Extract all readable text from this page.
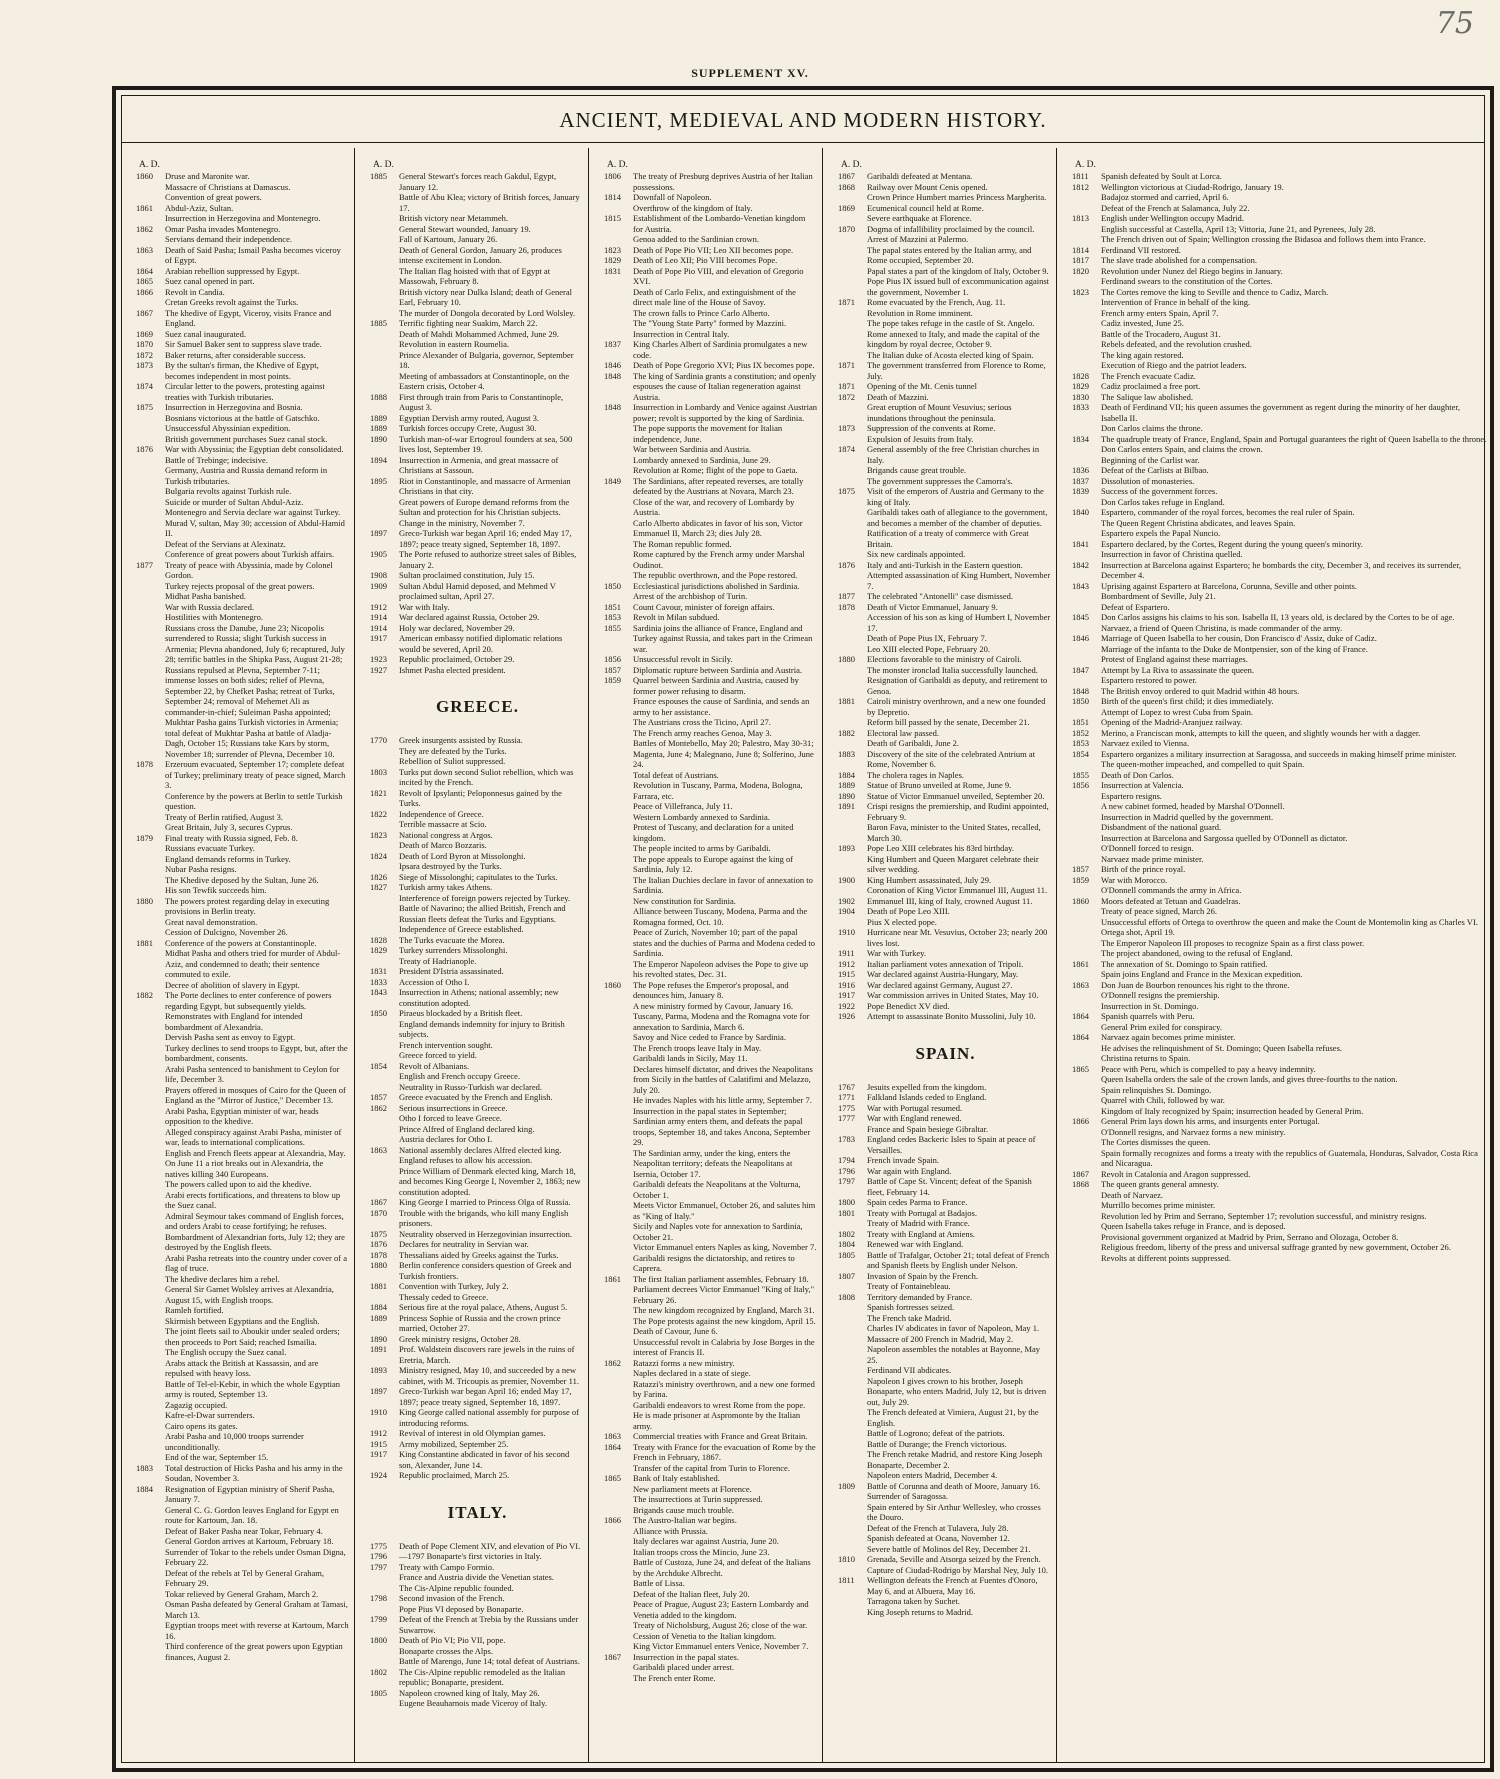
75
SUPPLEMENT XV.
ANCIENT, MEDIEVAL AND MODERN HISTORY.
A. D.
1860	Druse and Maronite war.
Massacre of Christians at Damascus.
Convention of great powers.
1861	Abdul-Aziz, Sultan.
Insurrection in Herzegovina and Montenegro.
1862	Omar Pasha invades Montenegro.
Servians demand their independence.
1863	Death of Said Pasha; Ismail Pasha becomes viceroy of Egypt.
1864	Arabian rebellion suppressed by Egypt.
1865	Suez canal opened in part.
1866	Revolt in Candia.
Cretan Greeks revolt against the Turks.
1867	The khedive of Egypt, Viceroy, visits France and England.
1869	Suez canal inaugurated.
1870	Sir Samuel Baker sent to suppress slave trade.
1872	Baker returns, after considerable success.
1873	By the sultan's firman, the Khedive of Egypt, becomes independent in most points.
1874	Circular letter to the powers, protesting against treaties with Turkish tributaries.
1875	Insurrection in Herzegovina and Bosnia.
Bosnians victorious at the battle of Gatschko.
Unsuccessful Abyssinian expedition.
British government purchases Suez canal stock.
1876	War with Abyssinia; the Egyptian debt consolidated.
Battle of Trebinge; indecisive.
Germany, Austria and Russia demand reform in Turkish tributaries.
Bulgaria revolts against Turkish rule.
Suicide or murder of Sultan Abdul-Aziz.
Montenegro and Servia declare war against Turkey.
Murad V, sultan, May 30; accession of Abdul-Hamid II.
Defeat of the Servians at Alexinatz.
Conference of great powers about Turkish affairs.
1877	Treaty of peace with Abyssinia, made by Colonel Gordon.
Turkey rejects proposal of the great powers.
Midhat Pasha banished.
War with Russia declared.
Hostilities with Montenegro.
Russians cross the Danube, June 23; Nicopolis surrendered to Russia; slight Turkish success in Armenia; Plevna abandoned, July 6; recaptured, July 28; terrific battles in the Shipka Pass, August 21-28; Russians repulsed at Plevna, September 7-11; immense losses on both sides; relief of Plevna, September 22, by Chefket Pasha; retreat of Turks, September 24; removal of Mehemet Ali as commander-in-chief; Suleiman Pasha appointed; Mukhtar Pasha gains Turkish victories in Armenia; total defeat of Mukhtar Pasha at battle of Aladja-Dagh, October 15; Russians take Kars by storm, November 18; surrender of Plevna, December 10.
1878	Erzeroum evacuated, September 17; complete defeat of Turkey; preliminary treaty of peace signed, March 3.
Conference by the powers at Berlin to settle Turkish question.
Treaty of Berlin ratified, August 3.
Great Britain, July 3, secures Cyprus.
1879	Final treaty with Russia signed, Feb. 8.
Russians evacuate Turkey.
England demands reforms in Turkey.
Nubar Pasha resigns.
The Khedive deposed by the Sultan, June 26.
His son Tewfik succeeds him.
1880	The powers protest regarding delay in executing provisions in Berlin treaty.
Great naval demonstration.
Cession of Dulcigno, November 26.
1881	Conference of the powers at Constantinople.
Midhat Pasha and others tried for murder of Abdul-Aziz, and condemned to death; their sentence commuted to exile.
Decree of abolition of slavery in Egypt.
1882	The Porte declines to enter conference of powers regarding Egypt, but subsequently yields.
Remonstrates with England for intended bombardment of Alexandria.
Dervish Pasha sent as envoy to Egypt.
Turkey declines to send troops to Egypt, but, after the bombardment, consents.
Arabi Pasha sentenced to banishment to Ceylon for life, December 3.
Prayers offered in mosques of Cairo for the Queen of England as the "Mirror of Justice," December 13.
Arabi Pasha, Egyptian minister of war, heads opposition to the khedive.
Alleged conspiracy against Arabi Pasha, minister of war, leads to international complications.
English and French fleets appear at Alexandria, May.
On June 11 a riot breaks out in Alexandria, the natives killing 340 Europeans.
The powers called upon to aid the khedive.
Arabi erects fortifications, and threatens to blow up the Suez canal.
Admiral Seymour takes command of English forces, and orders Arabi to cease fortifying; he refuses.
Bombardment of Alexandrian forts, July 12; they are destroyed by the English fleets.
Arabi Pasha retreats into the country under cover of a flag of truce.
The khedive declares him a rebel.
General Sir Garnet Wolsley arrives at Alexandria, August 15, with English troops.
Ramleh fortified.
Skirmish between Egyptians and the English.
The joint fleets sail to Aboukir under sealed orders; then proceeds to Port Said; reached Ismailia.
The English occupy the Suez canal.
Arabs attack the British at Kassassin, and are repulsed with heavy loss.
Battle of Tel-el-Kebir, in which the whole Egyptian army is routed, September 13.
Zagazig occupied.
Kafre-el-Dwar surrenders.
Cairo opens its gates.
Arabi Pasha and 10,000 troops surrender unconditionally.
End of the war, September 15.
1883	Total destruction of Hicks Pasha and his army in the Soudan, November 3.
1884	Resignation of Egyptian ministry of Sherif Pasha, January 7.
General C. G. Gordon leaves England for Egypt en route for Kartoum, Jan. 18.
Defeat of Baker Pasha near Tokar, February 4.
General Gordon arrives at Kartoum, February 18.
Surrender of Tokar to the rebels under Osman Digna, February 22.
Defeat of the rebels at Tel by General Graham, February 29.
Tokar relieved by General Graham, March 2.
Osman Pasha defeated by General Graham at Tamasi, March 13.
Egyptian troops meet with reverse at Kartoum, March 16.
Third conference of the great powers upon Egyptian finances, August 2.
A. D.
1885	General Stewart's forces reach Gakdul, Egypt, January 12.
Battle of Abu Klea; victory of British forces, January 17.
British victory near Metammeh.
General Stewart wounded, January 19.
Fall of Kartoum, January 26.
Death of General Gordon, January 26, produces intense excitement in London.
The Italian flag hoisted with that of Egypt at Massowah, February 8.
British victory near Dulka Island; death of General Earl, February 10.
The murder of Dongola decorated by Lord Wolsley.
1885	Terrific fighting near Suakim, March 22.
Death of Mahdi Mohammed Achmed, June 29.
Revolution in eastern Roumelia.
Prince Alexander of Bulgaria, governor, September 18.
Meeting of ambassadors at Constantinople, on the Eastern crisis, October 4.
1888	First through train from Paris to Constantinople, August 3.
1889	Egyptian Dervish army routed, August 3.
1889	Turkish forces occupy Crete, August 30.
1890	Turkish man-of-war Ertogroul founders at sea, 500 lives lost, September 19.
1894	Insurrection in Armenia, and great massacre of Christians at Sassoun.
1895	Riot in Constantinople, and massacre of Armenian Christians in that city.
Great powers of Europe demand reforms from the Sultan and protection for his Christian subjects.
Change in the ministry, November 7.
1897	Greco-Turkish war began April 16; ended May 17, 1897; peace treaty signed, September 18, 1897.
1905	The Porte refused to authorize street sales of Bibles, January 2.
1908	Sultan proclaimed constitution, July 15.
1909	Sultan Abdul Hamid deposed, and Mehmed V proclaimed sultan, April 27.
1912	War with Italy.
1914	War declared against Russia, October 29.
1914	Holy war declared, November 29.
1917	American embassy notified diplomatic relations would be severed, April 20.
1923	Republic proclaimed, October 29.
1927	Ishmet Pasha elected president.
GREECE.
1770	Greek insurgents assisted by Russia.
They are defeated by the Turks.
Rebellion of Suliot suppressed.
1803	Turks put down second Suliot rebellion, which was incited by the French.
1821	Revolt of Ipsylanti; Peloponnesus gained by the Turks.
1822	Independence of Greece.
Terrible massacre at Scio.
1823	National congress at Argos.
Death of Marco Bozzaris.
1824	Death of Lord Byron at Missolonghi.
Ipsara destroyed by the Turks.
1826	Siege of Missolonghi; capitulates to the Turks.
1827	Turkish army takes Athens.
Interference of foreign powers rejected by Turkey.
Battle of Navarino; the allied British, French and Russian fleets defeat the Turks and Egyptians.
Independence of Greece established.
1828	The Turks evacuate the Morea.
1829	Turkey surrenders Missolonghi.
Treaty of Hadrianople.
1831	President D'Istria assassinated.
1833	Accession of Otho I.
1843	Insurrection in Athens; national assembly; new constitution adopted.
1850	Piraeus blockaded by a British fleet.
England demands indemnity for injury to British subjects.
French intervention sought.
Greece forced to yield.
1854	Revolt of Albanians.
English and French occupy Greece.
Neutrality in Russo-Turkish war declared.
1857	Greece evacuated by the French and English.
1862	Serious insurrections in Greece.
Otho I forced to leave Greece.
Prince Alfred of England declared king.
Austria declares for Otho I.
1863	National assembly declares Alfred elected king.
England refuses to allow his accession.
Prince William of Denmark elected king, March 18, and becomes King George I, November 2, 1863; new constitution adopted.
1867	King George I married to Princess Olga of Russia.
1870	Trouble with the brigands, who kill many English prisoners.
1875	Neutrality observed in Herzegovinian insurrection.
1876	Declares for neutrality in Servian war.
1878	Thessalians aided by Greeks against the Turks.
1880	Berlin conference considers question of Greek and Turkish frontiers.
1881	Convention with Turkey, July 2.
Thessaly ceded to Greece.
1884	Serious fire at the royal palace, Athens, August 5.
1889	Princess Sophie of Russia and the crown prince married, October 27.
1890	Greek ministry resigns, October 28.
1891	Prof. Waldstein discovers rare jewels in the ruins of Eretria, March.
1893	Ministry resigned, May 10, and succeeded by a new cabinet, with M. Tricoupis as premier, November 11.
1897	Greco-Turkish war began April 16; ended May 17, 1897; peace treaty signed, September 18, 1897.
1910	King George called national assembly for purpose of introducing reforms.
1912	Revival of interest in old Olympian games.
1915	Army mobilized, September 25.
1917	King Constantine abdicated in favor of his second son, Alexander, June 14.
1924	Republic proclaimed, March 25.
ITALY.
1775	Death of Pope Clement XIV, and elevation of Pio VI.
1796	—1797 Bonaparte's first victories in Italy.
1797	Treaty with Campo Formio.
France and Austria divide the Venetian states.
The Cis-Alpine republic founded.
1798	Second invasion of the French.
Pope Pius VI deposed by Bonaparte.
1799	Defeat of the French at Trebia by the Russians under Suwarrow.
1800	Death of Pio VI; Pio VII, pope.
Bonaparte crosses the Alps.
Battle of Marengo, June 14; total defeat of Austrians.
1802	The Cis-Alpine republic remodeled as the Italian republic; Bonaparte, president.
1805	Napoleon crowned king of Italy, May 26.
Eugene Beauharnois made Viceroy of Italy.
A. D.
1806	The treaty of Presburg deprives Austria of her Italian possessions.
1814	Downfall of Napoleon.
Overthrow of the kingdom of Italy.
1815	Establishment of the Lombardo-Venetian kingdom for Austria.
Genoa added to the Sardinian crown.
1823	Death of Pope Pio VII; Leo XII becomes pope.
1829	Death of Leo XII; Pio VIII becomes Pope.
1831	Death of Pope Pio VIII, and elevation of Gregorio XVI.
Death of Carlo Felix, and extinguishment of the direct male line of the House of Savoy.
The crown falls to Prince Carlo Alberto.
The "Young State Party" formed by Mazzini.
Insurrection in Central Italy.
1837	King Charles Albert of Sardinia promulgates a new code.
1846	Death of Pope Gregorio XVI; Pius IX becomes pope.
1848	The king of Sardinia grants a constitution; and openly espouses the cause of Italian regeneration against Austria.
1848	Insurrection in Lombardy and Venice against Austrian power; revolt is supported by the king of Sardinia.
The pope supports the movement for Italian independence, June.
War between Sardinia and Austria.
Lombardy annexed to Sardinia, June 29.
Revolution at Rome; flight of the pope to Gaeta.
1849	The Sardinians, after repeated reverses, are totally defeated by the Austrians at Novara, March 23.
Close of the war, and recovery of Lombardy by Austria.
Carlo Alberto abdicates in favor of his son, Victor Emmanuel II, March 23; dies July 28.
The Roman republic formed.
Rome captured by the French army under Marshal Oudinot.
The republic overthrown, and the Pope restored.
1850	Ecclesiastical jurisdictions abolished in Sardinia.
Arrest of the archbishop of Turin.
1851	Count Cavour, minister of foreign affairs.
1853	Revolt in Milan subdued.
1855	Sardinia joins the alliance of France, England and Turkey against Russia, and takes part in the Crimean war.
1856	Unsuccessful revolt in Sicily.
1857	Diplomatic rupture between Sardinia and Austria.
1859	Quarrel between Sardinia and Austria, caused by former power refusing to disarm.
France espouses the cause of Sardinia, and sends an army to her assistance.
The Austrians cross the Ticino, April 27.
The French army reaches Genoa, May 3.
Battles of Montebello, May 20; Palestro, May 30-31; Magenta, June 4; Malegnano, June 8; Solferino, June 24.
Total defeat of Austrians.
Revolution in Tuscany, Parma, Modena, Bologna, Farrara, etc.
Peace of Villefranca, July 11.
Western Lombardy annexed to Sardinia.
Protest of Tuscany, and declaration for a united kingdom.
The people incited to arms by Garibaldi.
The pope appeals to Europe against the king of Sardinia, July 12.
The Italian Duchies declare in favor of annexation to Sardinia.
New constitution for Sardinia.
Alliance between Tuscany, Modena, Parma and the Romagna formed, Oct. 10.
Peace of Zurich, November 10; part of the papal states and the duchies of Parma and Modena ceded to Sardinia.
The Emperor Napoleon advises the Pope to give up his revolted states, Dec. 31.
1860	The Pope refuses the Emperor's proposal, and denounces him, January 8.
A new ministry formed by Cavour, January 16.
Tuscany, Parma, Modena and the Romagna vote for annexation to Sardinia, March 6.
Savoy and Nice ceded to France by Sardinia.
The French troops leave Italy in May.
Garibaldi lands in Sicily, May 11.
Declares himself dictator, and drives the Neapolitans from Sicily in the battles of Calatifimi and Melazzo, July 20.
He invades Naples with his little army, September 7.
Insurrection in the papal states in September; Sardinian army enters them, and defeats the papal troops, September 18, and takes Ancona, September 29.
The Sardinian army, under the king, enters the Neapolitan territory; defeats the Neapolitans at Isernia, October 17.
Garibaldi defeats the Neapolitans at the Volturna, October 1.
Meets Victor Emmanuel, October 26, and salutes him as "King of Italy."
Sicily and Naples vote for annexation to Sardinia, October 21.
Victor Emmanuel enters Naples as king, November 7.
Garibaldi resigns the dictatorship, and retires to Caprera.
1861	The first Italian parliament assembles, February 18.
Parliament decrees Victor Emmanuel "King of Italy," February 26.
The new kingdom recognized by England, March 31.
The Pope protests against the new kingdom, April 15.
Death of Cavour, June 6.
Unsuccessful revolt in Calabria by Jose Borges in the interest of Francis II.
1862	Ratazzi forms a new ministry.
Naples declared in a state of siege.
Ratazzi's ministry overthrown, and a new one formed by Farina.
Garibaldi endeavors to wrest Rome from the pope.
He is made prisoner at Aspromonte by the Italian army.
1863	Commercial treaties with France and Great Britain.
1864	Treaty with France for the evacuation of Rome by the French in February, 1867.
Transfer of the capital from Turin to Florence.
1865	Bank of Italy established.
New parliament meets at Florence.
The insurrections at Turin suppressed.
Brigands cause much trouble.
1866	The Austro-Italian war begins.
Alliance with Prussia.
Italy declares war against Austria, June 20.
Italian troops cross the Mincio, June 23.
Battle of Custoza, June 24, and defeat of the Italians by the Archduke Albrecht.
Battle of Lissa.
Defeat of the Italian fleet, July 20.
Peace of Prague, August 23; Eastern Lombardy and Venetia added to the kingdom.
Treaty of Nicholsburg, August 26; close of the war.
Cession of Venetia to the Italian kingdom.
King Victor Emmanuel enters Venice, November 7.
1867	Insurrection in the papal states.
Garibaldi placed under arrest.
The French enter Rome.
A. D.
1867	Garibaldi defeated at Mentana.
1868	Railway over Mount Cenis opened.
Crown Prince Humbert marries Princess Margherita.
1869	Ecumenical council held at Rome.
Severe earthquake at Florence.
1870	Dogma of infallibility proclaimed by the council.
Arrest of Mazzini at Palermo.
The papal states entered by the Italian army, and Rome occupied, September 20.
Papal states a part of the kingdom of Italy, October 9.
Pope Pius IX issued bull of excommunication against the government, November 1.
1871	Rome evacuated by the French, Aug. 11.
Revolution in Rome imminent.
The pope takes refuge in the castle of St. Angelo.
Rome annexed to Italy, and made the capital of the kingdom by royal decree, October 9.
The Italian duke of Acosta elected king of Spain.
1871	The government transferred from Florence to Rome, July.
1871	Opening of the Mt. Cenis tunnel
1872	Death of Mazzini.
Great eruption of Mount Vesuvius; serious inundations throughout the peninsula.
1873	Suppression of the convents at Rome.
Expulsion of Jesuits from Italy.
1874	General assembly of the free Christian churches in Italy.
Brigands cause great trouble.
The government suppresses the Camorra's.
1875	Visit of the emperors of Austria and Germany to the king of Italy.
Garibaldi takes oath of allegiance to the government, and becomes a member of the chamber of deputies.
Ratification of a treaty of commerce with Great Britain.
Six new cardinals appointed.
1876	Italy and anti-Turkish in the Eastern question.
Attempted assassination of King Humbert, November 7.
1877	The celebrated "Antonelli" case dismissed.
1878	Death of Victor Emmanuel, January 9.
Accession of his son as king of Humbert I, November 17.
Death of Pope Pius IX, February 7.
Leo XIII elected Pope, February 20.
1880	Elections favorable to the ministry of Cairoli.
The monster ironclad Italia successfully launched.
Resignation of Garibaldi as deputy, and retirement to Genoa.
1881	Cairoli ministry overthrown, and a new one founded by Depretio.
Reform bill passed by the senate, December 21.
1882	Electoral law passed.
Death of Garibaldi, June 2.
1883	Discovery of the site of the celebrated Antrium at Rome, November 6.
1884	The cholera rages in Naples.
1889	Statue of Bruno unveiled at Rome, June 9.
1890	Statue of Victor Emmanuel unveiled, September 20.
1891	Crispi resigns the premiership, and Rudini appointed, February 9.
Baron Fava, minister to the United States, recalled, March 30.
1893	Pope Leo XIII celebrates his 83rd birthday.
King Humbert and Queen Margaret celebrate their silver wedding.
1900	King Humbert assassinated, July 29.
Coronation of King Victor Emmanuel III, August 11.
1902	Emmanuel III, king of Italy, crowned August 11.
1904	Death of Pope Leo XIII.
Pius X elected pope.
1910	Hurricane near Mt. Vesuvius, October 23; nearly 200 lives lost.
1911	War with Turkey.
1912	Italian parliament votes annexation of Tripoli.
1915	War declared against Austria-Hungary, May.
1916	War declared against Germany, August 27.
1917	War commission arrives in United States, May 10.
1922	Pope Benedict XV died.
1926	Attempt to assassinate Bonito Mussolini, July 10.
SPAIN.
1767	Jesuits expelled from the kingdom.
1771	Falkland Islands ceded to England.
1775	War with Portugal resumed.
1777	War with England renewed.
France and Spain besiege Gibraltar.
1783	England cedes Backeric Isles to Spain at peace of Versailles.
1794	French invade Spain.
1796	War again with England.
1797	Battle of Cape St. Vincent; defeat of the Spanish fleet, February 14.
1800	Spain cedes Parma to France.
1801	Treaty with Portugal at Badajos.
Treaty of Madrid with France.
1802	Treaty with England at Amiens.
1804	Renewed war with England.
1805	Battle of Trafalgar, October 21; total defeat of French and Spanish fleets by English under Nelson.
1807	Invasion of Spain by the French.
Treaty of Fontainebleau.
1808	Territory demanded by France.
Spanish fortresses seized.
The French take Madrid.
Charles IV abdicates in favor of Napoleon, May 1.
Massacre of 200 French in Madrid, May 2.
Napoleon assembles the notables at Bayonne, May 25.
Ferdinand VII abdicates.
Napoleon I gives crown to his brother, Joseph Bonaparte, who enters Madrid, July 12, but is driven out, July 29.
The French defeated at Vimiera, August 21, by the English.
Battle of Logrono; defeat of the patriots.
Battle of Durange; the French victorious.
The French retake Madrid, and restore King Joseph Bonaparte, December 2.
Napoleon enters Madrid, December 4.
1809	Battle of Corunna and death of Moore, January 16.
Surrender of Saragossa.
Spain entered by Sir Arthur Wellesley, who crosses the Douro.
Defeat of the French at Tulavera, July 28.
Spanish defeated at Ocana, November 12.
Severe battle of Molinos del Rey, December 21.
1810	Grenada, Seville and Atsorga seized by the French.
Capture of Ciudad-Rodrigo by Marshal Ney, July 10.
1811	Wellington defeats the French at Fuentes d'Onoro, May 6, and at Albuera, May 16.
Tarragona taken by Suchet.
King Joseph returns to Madrid.
A. D.
1811	Spanish defeated by Soult at Lorca.
1812	Wellington victorious at Ciudad-Rodrigo, January 19.
Badajoz stormed and carried, April 6.
Defeat of the French at Salamanca, July 22.
1813	English under Wellington occupy Madrid.
English successful at Castella, April 13; Vittoria, June 21, and Pyrenees, July 28.
The French driven out of Spain; Wellington crossing the Bidasoa and follows them into France.
1814	Ferdinand VII restored.
1817	The slave trade abolished for a compensation.
1820	Revolution under Nunez del Riego begins in January.
Ferdinand swears to the constitution of the Cortes.
1823	The Cortes remove the king to Seville and thence to Cadiz, March.
Intervention of France in behalf of the king.
French army enters Spain, April 7.
Cadiz invested, June 25.
Battle of the Trocadero, August 31.
Rebels defeated, and the revolution crushed.
The king again restored.
Execution of Riego and the patriot leaders.
1828	The French evacuate Cadiz.
1829	Cadiz proclaimed a free port.
1830	The Salique law abolished.
1833	Death of Ferdinand VII; his queen assumes the government as regent during the minority of her daughter, Isabella II.
Don Carlos claims the throne.
1834	The quadruple treaty of France, England, Spain and Portugal guarantees the right of Queen Isabella to the throne.
Don Carlos enters Spain, and claims the crown.
Beginning of the Carlist war.
1836	Defeat of the Carlists at Bilbao.
1837	Dissolution of monasteries.
1839	Success of the government forces.
Don Carlos takes refuge in England.
1840	Espartero, commander of the royal forces, becomes the real ruler of Spain.
The Queen Regent Christina abdicates, and leaves Spain.
Espartero expels the Papal Nuncio.
1841	Espartero declared, by the Cortes, Regent during the young queen's minority.
Insurrection in favor of Christina quelled.
1842	Insurrection at Barcelona against Espartero; he bombards the city, December 3, and receives its surrender, December 4.
1843	Uprising against Espartero at Barcelona, Corunna, Seville and other points.
Bombardment of Seville, July 21.
Defeat of Espartero.
1845	Don Carlos assigns his claims to his son. Isabella II, 13 years old, is declared by the Cortes to be of age.
Narvaez, a friend of Queen Christina, is made commander of the army.
1846	Marriage of Queen Isabella to her cousin, Don Francisco d' Assiz, duke of Cadiz.
Marriage of the infanta to the Duke de Montpensier, son of the king of France.
Protest of England against these marriages.
1847	Attempt by La Riva to assassinate the queen.
Espartero restored to power.
1848	The British envoy ordered to quit Madrid within 48 hours.
1850	Birth of the queen's first child; it dies immediately.
Attempt of Lopez to wrest Cuba from Spain.
1851	Opening of the Madrid-Aranjuez railway.
1852	Merino, a Franciscan monk, attempts to kill the queen, and slightly wounds her with a dagger.
1853	Narvaez exiled to Vienna.
1854	Espartero organizes a military insurrection at Saragossa, and succeeds in making himself prime minister.
The queen-mother impeached, and compelled to quit Spain.
1855	Death of Don Carlos.
1856	Insurrection at Valencia.
Espartero resigns.
A new cabinet formed, headed by Marshal O'Donnell.
Insurrection in Madrid quelled by the government.
Disbandment of the national guard.
Insurrection at Barcelona and Sargossa quelled by O'Donnell as dictator.
O'Donnell forced to resign.
Narvaez made prime minister.
1857	Birth of the prince royal.
1859	War with Morocco.
O'Donnell commands the army in Africa.
1860	Moors defeated at Tetuan and Guadelras.
Treaty of peace signed, March 26.
Unsuccessful efforts of Ortega to overthrow the queen and make the Count de Montemolin king as Charles VI.
Ortega shot, April 19.
The Emperor Napoleon III proposes to recognize Spain as a first class power.
The project abandoned, owing to the refusal of England.
1861	The annexation of St. Domingo to Spain ratified.
Spain joins England and France in the Mexican expedition.
1863	Don Juan de Bourbon renounces his right to the throne.
O'Donnell resigns the premiership.
Insurrection in St. Domingo.
1864	Spanish quarrels with Peru.
General Prim exiled for conspiracy.
1864	Narvaez again becomes prime minister.
He advises the relinquishment of St. Domingo; Queen Isabella refuses.
Christina returns to Spain.
1865	Peace with Peru, which is compelled to pay a heavy indemnity.
Queen Isabella orders the sale of the crown lands, and gives three-fourths to the nation.
Spain relinquishes St. Domingo.
Quarrel with Chili, followed by war.
Kingdom of Italy recognized by Spain; insurrection headed by General Prim.
1866	General Prim lays down his arms, and insurgents enter Portugal.
O'Donnell resigns, and Narvaez forms a new ministry.
The Cortes dismisses the queen.
Spain formally recognizes and forms a treaty with the republics of Guatemala, Honduras, Salvador, Costa Rica and Nicaragua.
1867	Revolt in Catalonia and Aragon suppressed.
1868	The queen grants general amnesty.
Death of Narvaez.
Murrillo becomes prime minister.
Revolution led by Prim and Serrano, September 17; revolution successful, and ministry resigns.
Queen Isabella takes refuge in France, and is deposed.
Provisional government organized at Madrid by Prim, Serrano and Olozaga, October 8.
Religious freedom, liberty of the press and universal suffrage granted by new government, October 26.
Revolts at different points suppressed.
